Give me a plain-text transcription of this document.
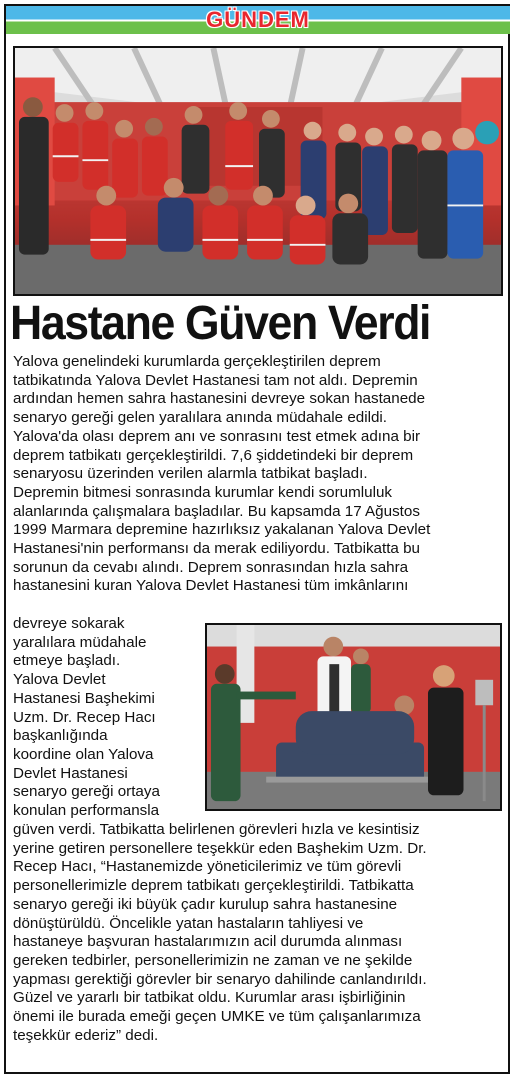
GÜNDEM
Hastane Güven Verdi
Yalova genelindeki kurumlarda gerçekleştirilen deprem
tatbikatında Yalova Devlet Hastanesi tam not aldı. Depremin
ardından hemen sahra hastanesini devreye sokan hastanede
senaryo gereği gelen yaralılara anında müdahale edildi.
Yalova'da olası deprem anı ve sonrasını test etmek adına bir
deprem tatbikatı gerçekleştirildi. 7,6 şiddetindeki bir deprem
senaryosu üzerinden verilen alarmla tatbikat başladı.
Depremin bitmesi sonrasında kurumlar kendi sorumluluk
alanlarında çalışmalara başladılar. Bu kapsamda 17 Ağustos
1999 Marmara depremine hazırlıksız yakalanan Yalova Devlet
Hastanesi'nin performansı da merak ediliyordu. Tatbikatta bu
sorunun da cevabı alındı. Deprem sonrasından hızla sahra
hastanesini kuran Yalova Devlet Hastanesi tüm imkânlarını
devreye sokarak
yaralılara müdahale
etmeye başladı.
Yalova Devlet
Hastanesi Başhekimi
Uzm. Dr. Recep Hacı
başkanlığında
koordine olan Yalova
Devlet Hastanesi
senaryo gereği ortaya
konulan performansla
güven verdi. Tatbikatta belirlenen görevleri hızla ve kesintisiz
yerine getiren personellere teşekkür eden Başhekim Uzm. Dr.
Recep Hacı, “Hastanemizde yöneticilerimiz ve tüm görevli
personellerimizle deprem tatbikatı gerçekleştirildi. Tatbikatta
senaryo gereği iki büyük çadır kurulup sahra hastanesine
dönüştürüldü. Öncelikle yatan hastaların tahliyesi ve
hastaneye başvuran hastalarımızın acil durumda alınması
gereken tedbirler, personellerimizin ne zaman ve ne şekilde
yapması gerektiği görevler bir senaryo dahilinde canlandırıldı.
Güzel ve yararlı bir tatbikat oldu. Kurumlar arası işbirliğinin
önemi ile burada emeği geçen UMKE ve tüm çalışanlarımıza
teşekkür ederiz” dedi.
